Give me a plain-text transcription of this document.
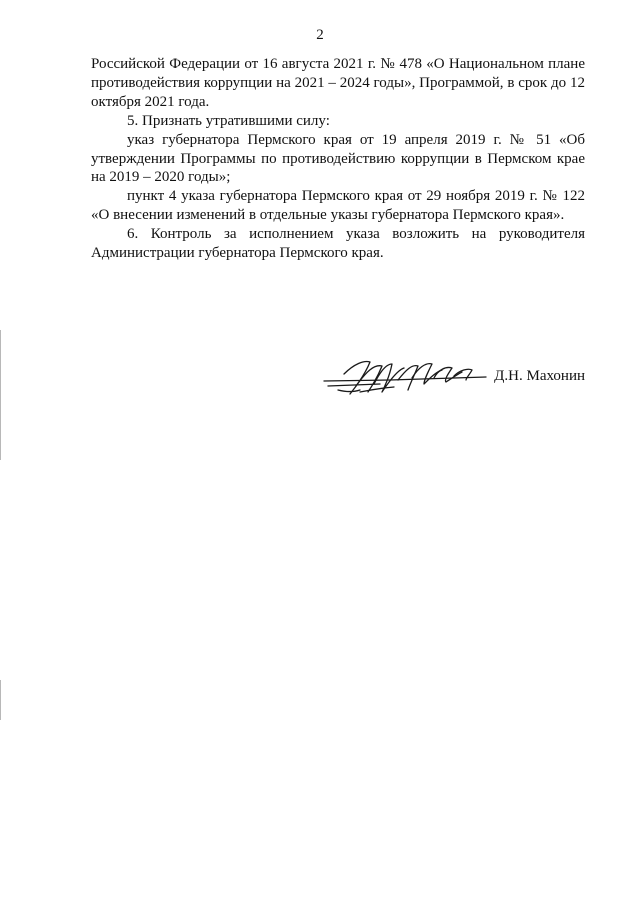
2

Российской Федерации от 16 августа 2021 г. № 478 «О Национальном плане противодействия коррупции на 2021 – 2024 годы», Программой, в срок до 12 октября 2021 года.

5. Признать утратившими силу:

указ губернатора Пермского края от 19 апреля 2019 г. № 51 «Об утверждении Программы по противодействию коррупции в Пермском крае на 2019 – 2020 годы»;

пункт 4 указа губернатора Пермского края от 29 ноября 2019 г. № 122 «О внесении изменений в отдельные указы губернатора Пермского края».

6. Контроль за исполнением указа возложить на руководителя Администрации губернатора Пермского края.

Д.Н. Махонин
